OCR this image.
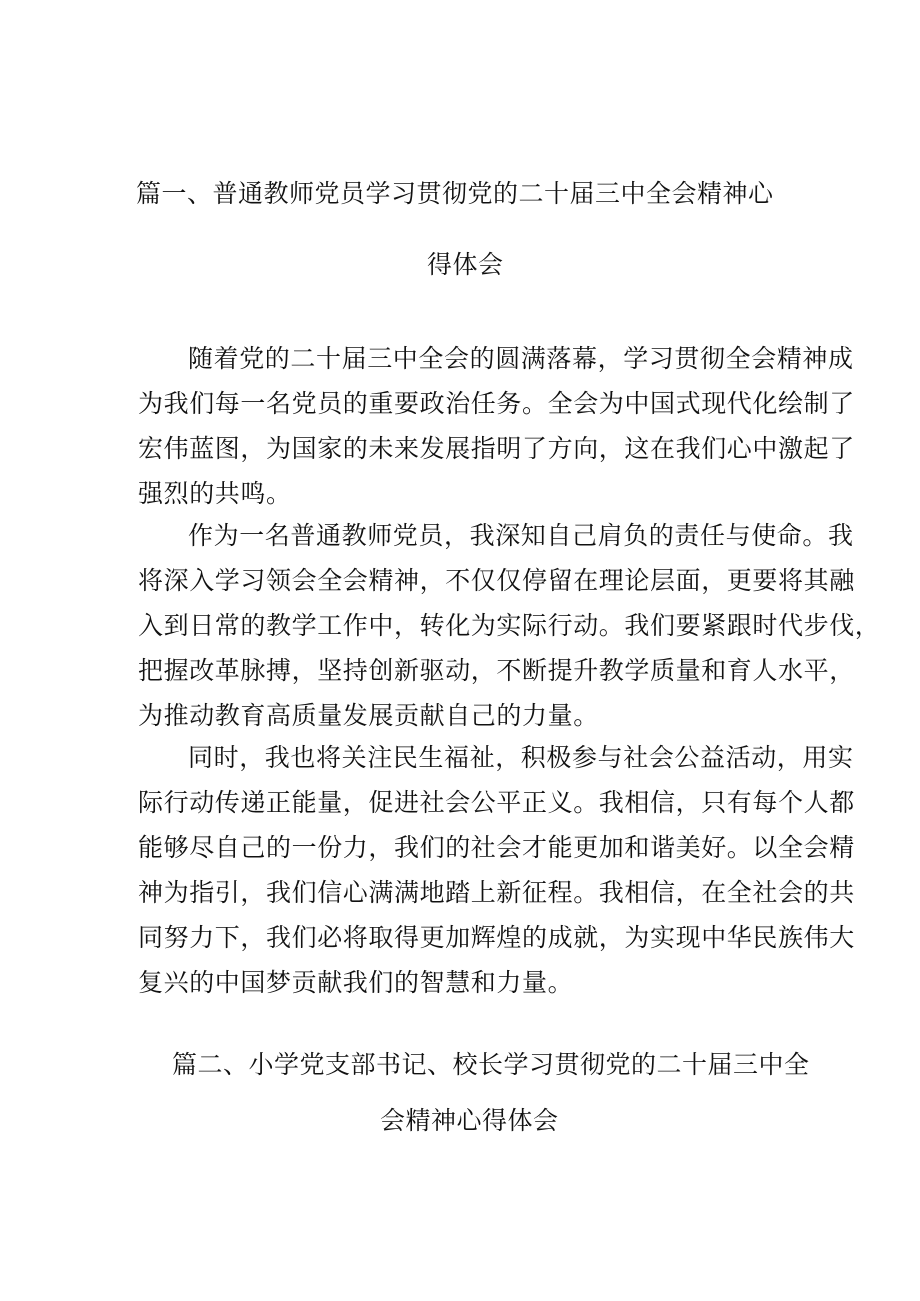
篇一、普通教师党员学习贯彻党的二十届三中全会精神心
得体会
随着党的二十届三中全会的圆满落幕，学习贯彻全会精神成
为我们每一名党员的重要政治任务。全会为中国式现代化绘制了
宏伟蓝图，为国家的未来发展指明了方向，这在我们心中激起了
强烈的共鸣。
作为一名普通教师党员，我深知自己肩负的责任与使命。我
将深入学习领会全会精神，不仅仅停留在理论层面，更要将其融
入到日常的教学工作中，转化为实际行动。我们要紧跟时代步伐，
把握改革脉搏，坚持创新驱动，不断提升教学质量和育人水平，
为推动教育高质量发展贡献自己的力量。
同时，我也将关注民生福祉，积极参与社会公益活动，用实
际行动传递正能量，促进社会公平正义。我相信，只有每个人都
能够尽自己的一份力，我们的社会才能更加和谐美好。以全会精
神为指引，我们信心满满地踏上新征程。我相信，在全社会的共
同努力下，我们必将取得更加辉煌的成就，为实现中华民族伟大
复兴的中国梦贡献我们的智慧和力量。
篇二、小学党支部书记、校长学习贯彻党的二十届三中全
会精神心得体会
